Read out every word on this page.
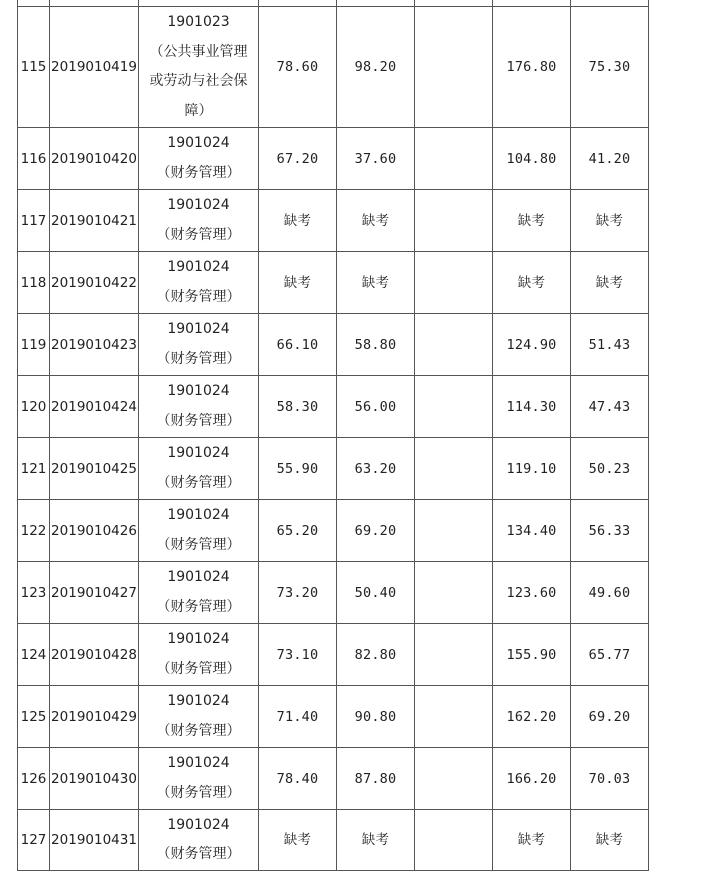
115	2019010419	1901023
（公共事业管理
或劳动与社会保
障）	78.60	98.20		176.80	75.30
116	2019010420	1901024
（财务管理）	67.20	37.60		104.80	41.20
117	2019010421	1901024
（财务管理）	缺考	缺考		缺考	缺考
118	2019010422	1901024
（财务管理）	缺考	缺考		缺考	缺考
119	2019010423	1901024
（财务管理）	66.10	58.80		124.90	51.43
120	2019010424	1901024
（财务管理）	58.30	56.00		114.30	47.43
121	2019010425	1901024
（财务管理）	55.90	63.20		119.10	50.23
122	2019010426	1901024
（财务管理）	65.20	69.20		134.40	56.33
123	2019010427	1901024
（财务管理）	73.20	50.40		123.60	49.60
124	2019010428	1901024
（财务管理）	73.10	82.80		155.90	65.77
125	2019010429	1901024
（财务管理）	71.40	90.80		162.20	69.20
126	2019010430	1901024
（财务管理）	78.40	87.80		166.20	70.03
127	2019010431	1901024
（财务管理）	缺考	缺考		缺考	缺考
